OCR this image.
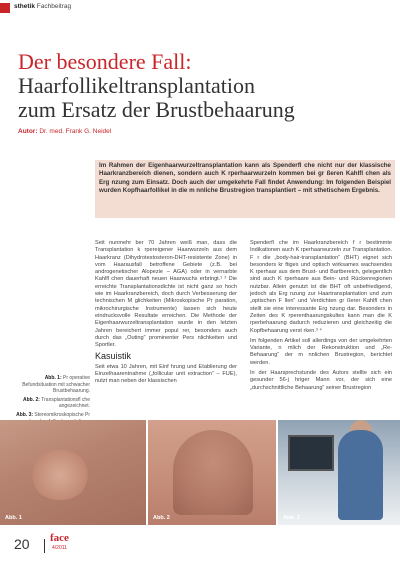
sthetik Fachbeitrag
Der besondere Fall:
Haarfollikeltransplantation
zum Ersatz der Brustbehaarung
Autor: Dr. med. Frank G. Neidel

Im Rahmen der Eigenhaarwurzeltransplantation kann als Spenderfl che nicht nur der klassische Haarkranzbereich dienen, sondern auch K rperhaarwurzeln kommen bei gr ßeren Kahlfl chen als Erg nzung zum Einsatz. Doch auch der umgekehrte Fall findet Anwendung: Im folgenden Beispiel wurden Kopfhaarfollikel in die m nnliche Brustregion transplantiert – mit sthetischem Ergebnis.

Seit nunmehr ber 70 Jahren weiß man, dass die Transplantation k rpereigener Haarwurzeln aus dem Haarkranz (Dihydrotestosteron-DHT-resistente Zone) in vom Haarausfall betroffene Gebiete (z.B. bei androgenetischer Alopezie – AGA) oder in vernarbte Kahlfl chen dauerhaft neuen Haarwuchs erbringt.¹ ² Die erreichte Transplantationsdichte ist nicht ganz so hoch wie im Haarkranzbereich, doch durch Verbesserung der technischen M glichkeiten (Mikroskopische Pr paration, mikrochirurgische Instrumente) lassen sich heute eindrucksvolle Resultate erreichen. Die Methode der Eigenhaarwurzeltransplantation wurde in den letzten Jahren bereichert immer popul rer, besonders auch durch das „Outing“ prominenter Pers nlichkeiten und Sportler.

Kasuistik

Seit etwa 10 Jahren, mit Einf hrung und Etablierung der Einzelhaarentnahme („follicular unit extraction“ – FUE), nutzt man neben der klassischen

Spenderfl che im Haarkranzbereich f r bestimmte Indikationen auch K rperhaarwurzeln zur Transplantation. F r die „body-hair-transplantation“ (BHT) eignet sich besonders kr ftiges und optisch wirksames wachsendes K rperhaar aus dem Brust- und Bartbereich, gelegentlich sind auch K rperhaare aus Bein- und Rückenregionen nutzbar. Allein genutzt ist die BHT oft unbefriedigend, jedoch als Erg nzung zur Haartransplantation und zum „optischen F llen“ und Verdichten gr ßerer Kahlfl chen stellt sie eine interessante Erg nzung dar. Besonders in Zeiten des K rperenthaarungskultes kann man die K rperbehaarung dadurch reduzieren und gleichzeitig die Kopfbehaarung verst rken.³ ⁴

Im folgenden Artikel soll allerdings von der umgekehrten Variante, n mlich der Rekonstruktion und „Re-Behaarung“ der m nnlichen Brustregion, berichtet werden.

In der Haarsprechstunde des Autors stellte sich ein gesunder 56-j hriger Mann vor, der sich eine „durchschnittliche Behaarung“ seiner Brustregion

Abb. 1: Pr operative Befundsituation mit schwacher Brustbehaarung.

Abb. 2: Transplantationsfl che angezeichnet.

Abb. 3: Stereomikroskopische Pr

Abb. 1	Abb. 2	Abb. 3
20 face
4/2011
